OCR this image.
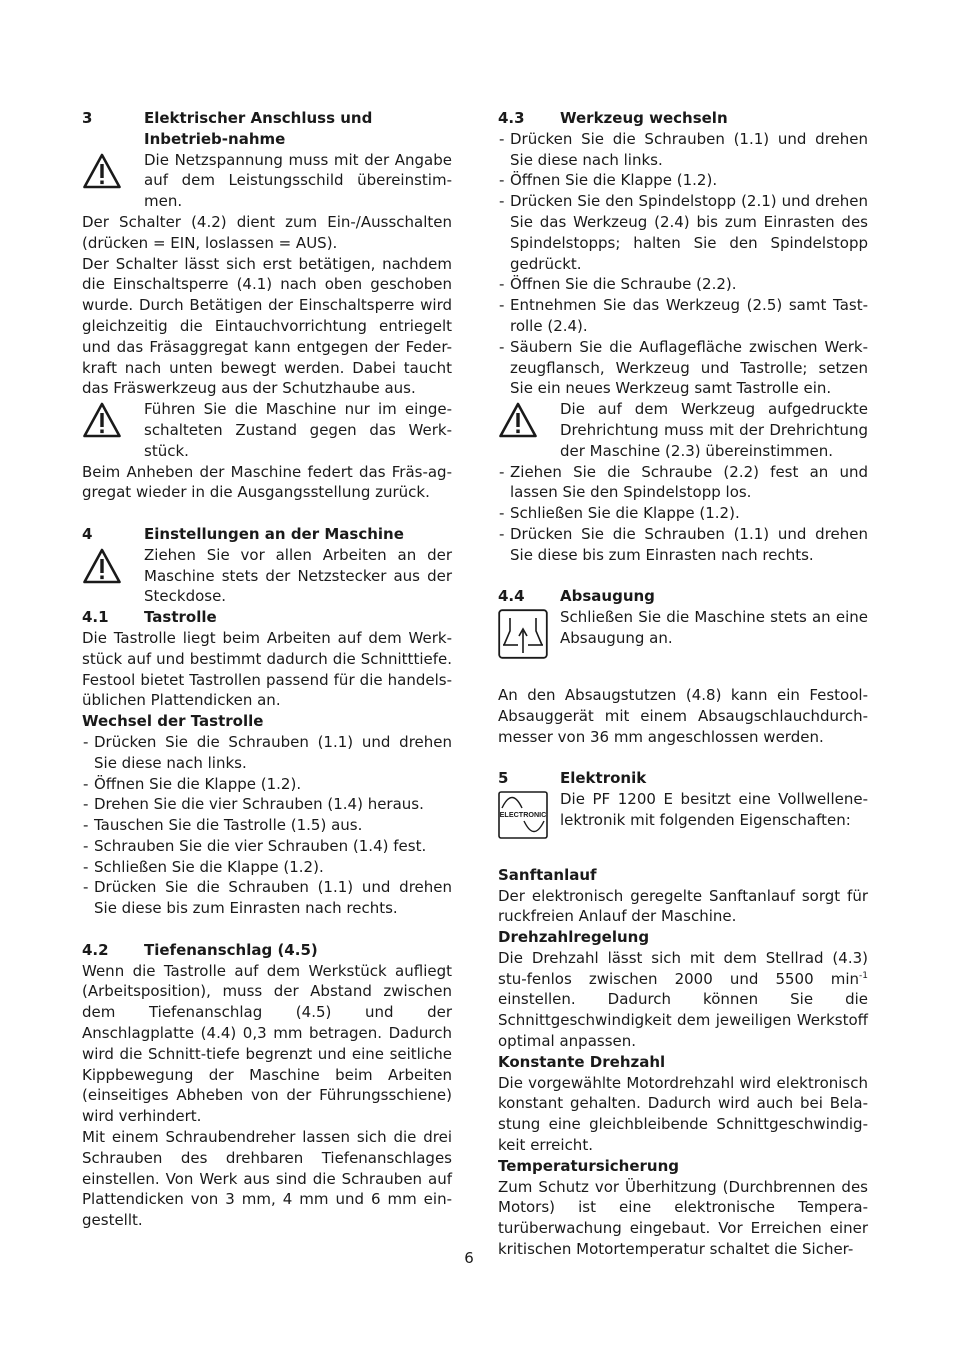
3	Elektrischer Anschluss und Inbetrieb-nahme

Die Netzspannung muss mit der Angabe auf dem Leistungsschild übereinstim-men.

Der Schalter (4.2) dient zum Ein-/Ausschalten (drücken = EIN, loslassen = AUS).

Der Schalter lässt sich erst betätigen, nachdem die Einschaltsperre (4.1) nach oben geschoben wurde. Durch Betätigen der Einschaltsperre wird gleichzeitig die Eintauchvorrichtung entriegelt und das Fräsaggregat kann entgegen der Feder-kraft nach unten bewegt werden. Dabei taucht das Fräswerkzeug aus der Schutzhaube aus.

Führen Sie die Maschine nur im einge-schalteten Zustand gegen das Werk-stück.

Beim Anheben der Maschine federt das Fräs-ag-gregat wieder in die Ausgangsstellung zurück.

4	Einstellungen an der Maschine

Ziehen Sie vor allen Arbeiten an der Maschine stets der Netzstecker aus der Steckdose.

4.1	Tastrolle

Die Tastrolle liegt beim Arbeiten auf dem Werk-stück auf und bestimmt dadurch die Schnitttiefe. Festool bietet Tastrollen passend für die handels-üblichen Plattendicken an.

Wechsel der Tastrolle
- Drücken Sie die Schrauben (1.1) und drehen Sie diese nach links.
- Öffnen Sie die Klappe (1.2).
- Drehen Sie die vier Schrauben (1.4) heraus.
- Tauschen Sie die Tastrolle (1.5) aus.
- Schrauben Sie die vier Schrauben (1.4) fest.
- Schließen Sie die Klappe (1.2).
- Drücken Sie die Schrauben (1.1) und drehen Sie diese bis zum Einrasten nach rechts.
4.2	Tiefenanschlag (4.5)

Wenn die Tastrolle auf dem Werkstück aufliegt (Arbeitsposition), muss der Abstand zwischen dem Tiefenanschlag (4.5) und der Anschlagplatte (4.4) 0,3 mm betragen. Dadurch wird die Schnitt-tiefe begrenzt und eine seitliche Kippbewegung der Maschine beim Arbeiten (einseitiges Abheben von der Führungsschiene) wird verhindert.

Mit einem Schraubendreher lassen sich die drei Schrauben des drehbaren Tiefenanschlages einstellen. Von Werk aus sind die Schrauben auf Plattendicken von 3 mm, 4 mm und 6 mm ein-gestellt.

4.3	Werkzeug wechseln
- Drücken Sie die Schrauben (1.1) und drehen Sie diese nach links.
- Öffnen Sie die Klappe (1.2).
- Drücken Sie den Spindelstopp (2.1) und drehen Sie das Werkzeug (2.4) bis zum Einrasten des Spindelstopps; halten Sie den Spindelstopp gedrückt.
- Öffnen Sie die Schraube (2.2).
- Entnehmen Sie das Werkzeug (2.5) samt Tast-rolle (2.4).
- Säubern Sie die Auflagefläche zwischen Werk-zeugflansch, Werkzeug und Tastrolle; setzen Sie ein neues Werkzeug samt Tastrolle ein.

Die auf dem Werkzeug aufgedruckte Drehrichtung muss mit der Drehrichtung der Maschine (2.3) übereinstimmen.

- Ziehen Sie die Schraube (2.2) fest an und lassen Sie den Spindelstopp los.
- Schließen Sie die Klappe (1.2).
- Drücken Sie die Schrauben (1.1) und drehen Sie diese bis zum Einrasten nach rechts.
4.4	Absaugung

Schließen Sie die Maschine stets an eine Absaugung an.

An den Absaugstutzen (4.8) kann ein Festool-Absauggerät mit einem Absaugschlauchdurch-messer von 36 mm angeschlossen werden.

5	Elektronik
ELECTRONIC

Die PF 1200 E besitzt eine Vollwellene-lektronik mit folgenden Eigenschaften:

Sanftanlauf

Der elektronisch geregelte Sanftanlauf sorgt für ruckfreien Anlauf der Maschine.

Drehzahlregelung

Die Drehzahl lässt sich mit dem Stellrad (4.3) stu-fenlos zwischen 2000 und 5500 $\min^{-1}$ einstellen. Dadurch können Sie die Schnittgeschwindigkeit dem jeweiligen Werkstoff optimal anpassen.

Konstante Drehzahl

Die vorgewählte Motordrehzahl wird elektronisch konstant gehalten. Dadurch wird auch bei Bela-stung eine gleichbleibende Schnittgeschwindig-keit erreicht.

Temperatursicherung

Zum Schutz vor Überhitzung (Durchbrennen des Motors) ist eine elektronische Tempera-turüberwachung eingebaut. Vor Erreichen einer kritischen Motortemperatur schaltet die Sicher-

6
